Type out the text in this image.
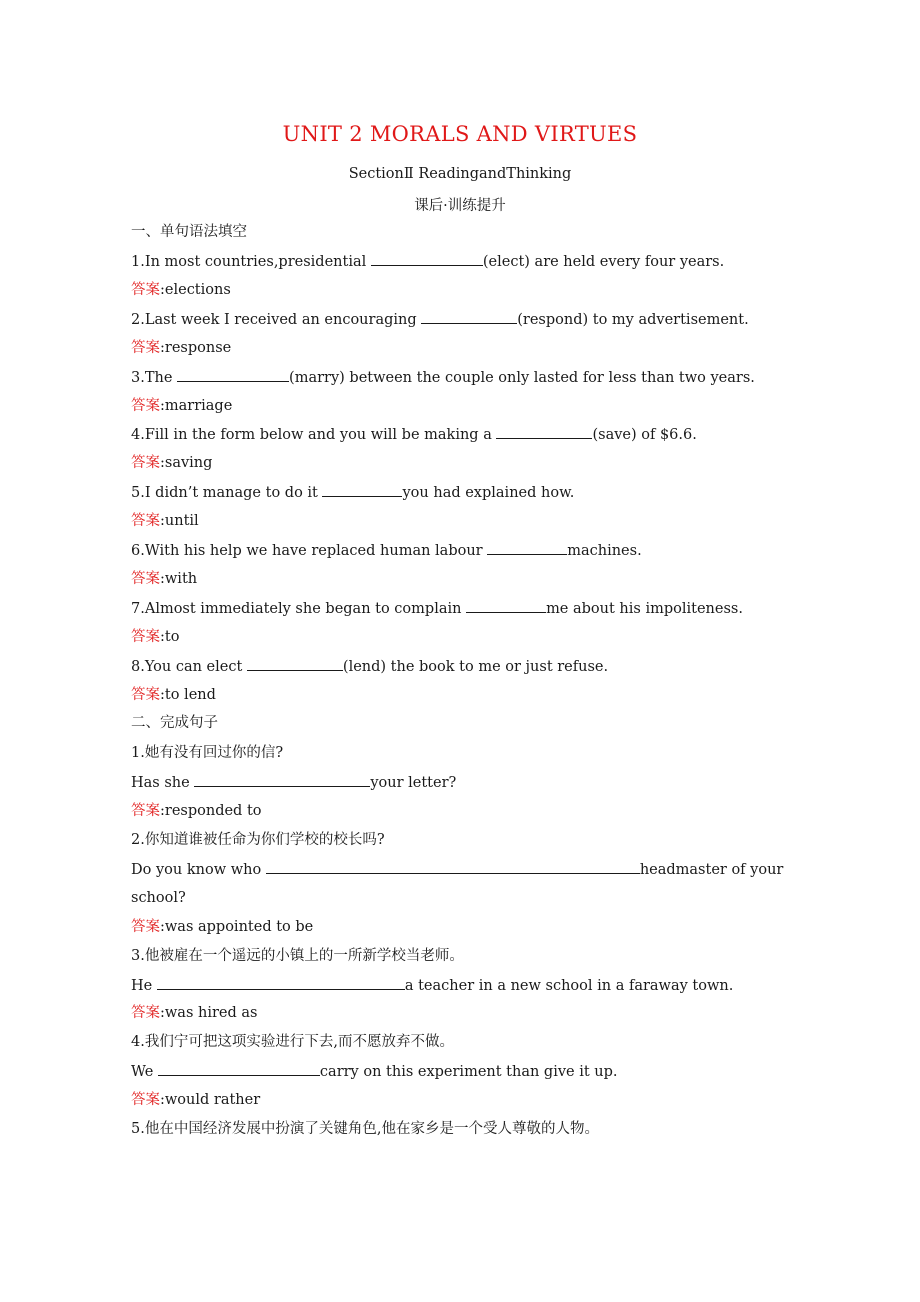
UNIT 2 MORALS AND VIRTUES
SectionⅡ ReadingandThinking
课后·训练提升
一、单句语法填空
1.In most countries,presidential	(elect) are held every four years.
答案:elections
2.Last week I received an encouraging	(respond) to my advertisement.
答案:response
3.The	(marry) between the couple only lasted for less than two years.
答案:marriage
4.Fill in the form below and you will be making a	(save) of $6.6.
答案:saving
5.I didn’t manage to do it	you had explained how.
答案:until
6.With his help we have replaced human labour	machines.
答案:with
7.Almost immediately she began to complain	me about his impoliteness.
答案:to
8.You can elect	(lend) the book to me or just refuse.
答案:to lend
二、完成句子
1.她有没有回过你的信?
Has she	your letter?
答案:responded to
2.你知道谁被任命为你们学校的校长吗?
Do you know who	headmaster of your
school?
答案:was appointed to be
3.他被雇在一个遥远的小镇上的一所新学校当老师。
He	a teacher in a new school in a faraway town.
答案:was hired as
4.我们宁可把这项实验进行下去,而不愿放弃不做。
We	carry on this experiment than give it up.
答案:would rather
5.他在中国经济发展中扮演了关键角色,他在家乡是一个受人尊敬的人物。
